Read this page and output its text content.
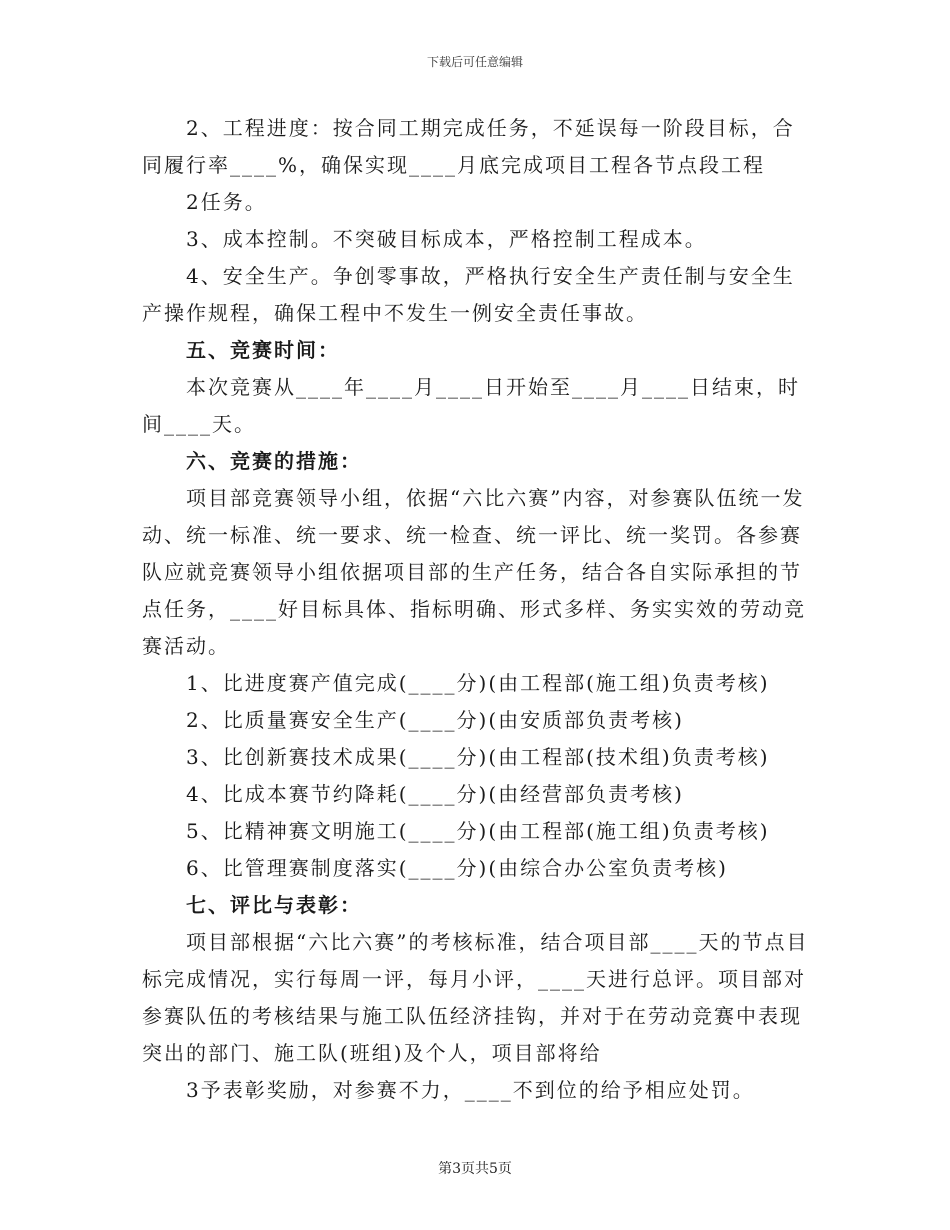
下载后可任意编辑

2、工程进度：按合同工期完成任务，不延误每一阶段目标，合同履行率____%，确保实现____月底完成项目工程各节点段工程

2任务。

3、成本控制。不突破目标成本，严格控制工程成本。

4、安全生产。争创零事故，严格执行安全生产责任制与安全生产操作规程，确保工程中不发生一例安全责任事故。

五、竞赛时间：

本次竞赛从____年____月____日开始至____月____日结束，时间____天。

六、竞赛的措施：

项目部竞赛领导小组，依据“六比六赛”内容，对参赛队伍统一发动、统一标准、统一要求、统一检查、统一评比、统一奖罚。各参赛队应就竞赛领导小组依据项目部的生产任务，结合各自实际承担的节点任务，____好目标具体、指标明确、形式多样、务实实效的劳动竞赛活动。

1、比进度赛产值完成(____分)(由工程部(施工组)负责考核)

2、比质量赛安全生产(____分)(由安质部负责考核)

3、比创新赛技术成果(____分)(由工程部(技术组)负责考核)

4、比成本赛节约降耗(____分)(由经营部负责考核)

5、比精神赛文明施工(____分)(由工程部(施工组)负责考核)

6、比管理赛制度落实(____分)(由综合办公室负责考核)

七、评比与表彰：

项目部根据“六比六赛”的考核标准，结合项目部____天的节点目标完成情况，实行每周一评，每月小评，____天进行总评。项目部对参赛队伍的考核结果与施工队伍经济挂钩，并对于在劳动竞赛中表现突出的部门、施工队(班组)及个人，项目部将给

3予表彰奖励，对参赛不力，____不到位的给予相应处罚。

第3页共5页
